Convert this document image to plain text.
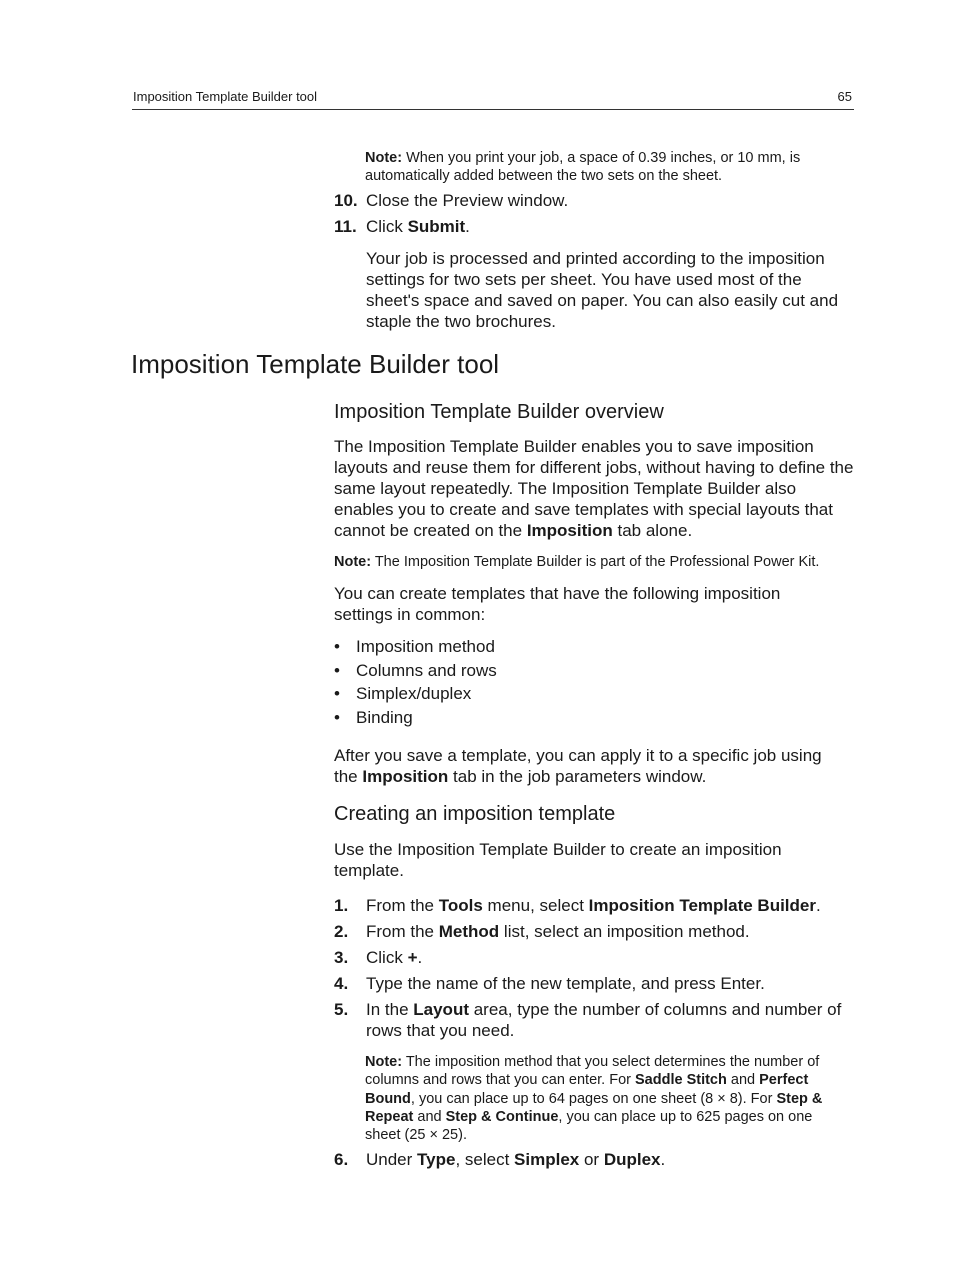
Imposition Template Builder tool	65

Note: When you print your job, a space of 0.39 inches, or 10 mm, is automatically added between the two sets on the sheet.

10. Close the Preview window.
11. Click Submit.

Your job is processed and printed according to the imposition settings for two sets per sheet. You have used most of the sheet's space and saved on paper. You can also easily cut and staple the two brochures.

Imposition Template Builder tool
Imposition Template Builder overview

The Imposition Template Builder enables you to save imposition layouts and reuse them for different jobs, without having to define the same layout repeatedly. The Imposition Template Builder also enables you to create and save templates with special layouts that cannot be created on the Imposition tab alone.

Note: The Imposition Template Builder is part of the Professional Power Kit.

You can create templates that have the following imposition settings in common:

• Imposition method
• Columns and rows
• Simplex/duplex
• Binding

After you save a template, you can apply it to a specific job using the Imposition tab in the job parameters window.

Creating an imposition template

Use the Imposition Template Builder to create an imposition template.

1. From the Tools menu, select Imposition Template Builder.
2. From the Method list, select an imposition method.
3. Click +.
4. Type the name of the new template, and press Enter.
5. In the Layout area, type the number of columns and number of rows that you need.

Note: The imposition method that you select determines the number of columns and rows that you can enter. For Saddle Stitch and Perfect Bound, you can place up to 64 pages on one sheet (8 × 8). For Step & Repeat and Step & Continue, you can place up to 625 pages on one sheet (25 × 25).

6. Under Type, select Simplex or Duplex.
